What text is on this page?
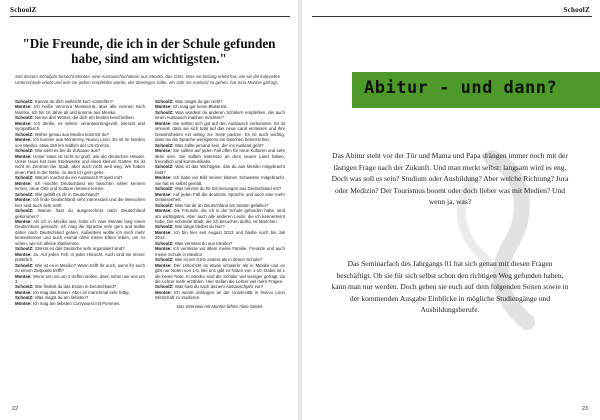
SchoolZ
"Die Freunde, die ich in der Schule gefunden habe, sind am wichtigsten."
Seit diesem Schuljahr besucht Montse, eine Austauschschülerin aus Mexiko, das GSG. Was sie bislang erlebt hat, wie sie die kulturellen Unterschiede erlebt und was sie jedem empfehlen würde, der überlegen sollte, ein Jahr ins Ausland zu gehen, hat Sina Montse gefragt.

SchoolZ: Kannst du dich vielleicht kurz vorstellen?

Montse: Ich heiße Veronica Montserrat, aber alle nennen mich Montse. Ich bin 16 Jahre alt und komme aus Mexiko.

SchoolZ: Nenne drei Wörter, die dich am besten beschreiben.

Montse: Ich denke, es wären: verantwortungsvoll, tolerant und sympathisch.

SchoolZ: Woher genau aus Mexiko kommst du?

Montse: Ich komme aus Monterrey, Nuevo Leon. Es ist im Norden von Mexiko, etwa 150 km südlich der US-Grenze.

SchoolZ: Wie sieht es bei dir Zuhause aus?

Montse: Unser Haus ist nicht so groß, wie die deutschen Häuser. Unser Haus hat zwei Stockwerke und einen kleinen Garten. Es ist nicht im Zentrum der Stadt, aber auch nicht weit weg. Wir haben einen Park in der Nähe, zu dem ich gern gehe.

SchoolZ: Warum machst du ein Austausch Projekt mit?

Montse: Ich möchte Deutschland ein bisschen näher kennen lernen, neue Orte und Kulturen kennen lernen.

SchoolZ: Wie gefällt es dir in Deutschland?

Montse: Ich finde Deutschland sehr interessant und die Menschen hier sind auch sehr nett!

SchoolZ: Warum hast du ausgerechnet nach Deutschland gekommen?

Montse: Als ich in Mexiko war, habe ich zwei Monate lang einen Deutschkurs gemacht. Ich mag die Sprache sehr gern und wollte daher nach Deutschland gehen. Außerdem wollte ich mich mehr kennenlernen und auch einmal ohne meine Eltern leben, um zu sehen, wie ich alleine klarkomme.

SchoolZ: Stimmt es das Deutsche sehr organisiert sind?

Montse: Ja. Auf jeden Fall. In jeder Hinsicht. Auch sind sie immer pünktlich.

SchoolZ: Wie ist es in Mexiko? Wann trefft ihr euch, wenn ihr euch zu einem Zeitpunkt trefft?

Montse: Wenn wir uns um 2 treffen wollen, dann sehen wir uns um 3.

SchoolZ: Wie findest du das Essen in Deutschland?

Montse: Ich mag das Essen. Aber es manchmal sehr fettig.

SchoolZ: Was magst du am liebsten?

Montse: Ich mag am liebsten Currywurst mit Pommes.

SchoolZ: Was magst du gar nicht?

Montse: Ich mag gar keine Blutwurst.

SchoolZ: Was würdest du anderen Schülern empfehlen, die auch einen Austausch machen möchten?

Montse: Sie sollten sich gut auf den Austausch vorbereiten. Es ist sinnvoll, dass sie sich total auf das neue Land einlassen und ihre Gewohnheiten ein wenig zur Seite packen. Es ist auch wichtig, dass sie die Sprache wenigstens ein bisschen beherrschen.

SchoolZ: Was sollte jemand sein, der ins Ausland geht?

Montse: Sie sollten auf jeden Fall offen für neue Kulturen und sehr aktiv sein. Sie sollten Interesse an dem neuen Land haben, freundlich und kommunikativ.

SchoolZ: Was ist das Wichtigste, das du aus Mexiko mitgebracht hast?

Montse: Ich habe ein Bild meiner kleinen Schwester mitgebracht. Sie hat es selbst gemalt.

SchoolZ: Was nimmst du für Erinnerungen aus Deutschland mit?

Montse: Auf jeden Fall die deutsche Sprache und auch eine mehr Gelassenheit.

SchoolZ: Was hat dir an Deutschland am besten gefallen?

Montse: Die Freunde, die ich in der Schule gefunden habe, sind am wichtigsten. Aber auch alle anderen Leute, die ich kennenlernt habe. Die schönste Stadt, die ich besuchen durfte, ist München.

SchoolZ: Wie lange bleibst du hier?

Montse: Ich bin hier seit August 2013 und bleibe noch bis Juli 2014.

SchoolZ: Was vermisst du aus Mexiko?

Montse: Ich vermisse vor allem meine Familie, Freunde und auch meine Schule in Mexiko!

SchoolZ: Wie ist am GSG anders als in deiner Schule?

Montse: Der Unterricht ist etwas schwerer als in Mexiko und es gibt nur Noten von 1-6. Bei uns gibt es Noten von 1-10. Dabei ist 1 die beste Note. In Mexiko sind die Schüler viel weniger gefragt, da die Lehrer mehr erzählen. Hier stellen die Lehrer viel mehr Fragen.

SchoolZ: Was hast du nach deinem Austauschjahr vor?

Montse: Ich werde anfangen an der Universität in Nuevo Leon Wirtschaft zu studieren.

Das Interview mit Montse führte Aline Seidel.
22
SchoolZ
Abitur - und dann?
Das Abitur steht vor der Tür und Mama und Papa drängen immer noch mit der lästigen Frage nach der Zukunft. Und man merkt selbst: langsam wird es eng. Doch was soll es sein? Studium oder Ausbildung? Aber welche Richtung? Jura oder Medizin? Der Tourismus boomt oder doch lieber was mit Medien? Und wenn ja, was?
Das Seminarfach des Jahrgangs 01 hat sich genau mit diesen Fragen beschäftigt. Ob sie für sich selbst schon den richtigen Weg gefunden haben, kann man nur werden. Doch geben sie euch auf dem folgenden Seiten sowie in der kommenden Ausgabe Einblicke in mögliche Studiengänge und Ausbildungsberufe.
23
